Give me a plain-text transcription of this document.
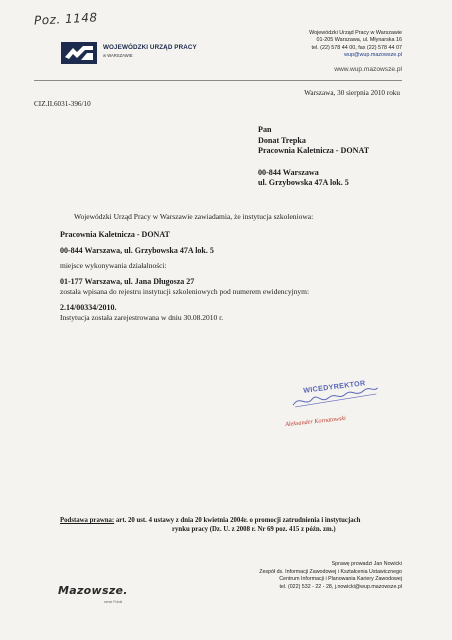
Poz. 1148
WOJEWÓDZKI URZĄD PRACY
w WARSZAWIE
Wojewódzki Urząd Pracy w Warszawie
01-205 Warszawa, ul. Młynarska 16
tel. (22) 578 44 00, fax (22) 578 44 07
wup@wup.mazowsze.pl
www.wup.mazowsze.pl
Warszawa, 30 sierpnia 2010 roku
CIZ.II.6031-396/10
Pan
Donat Trepka
Pracownia Kaletnicza - DONAT
00-844 Warszawa
ul. Grzybowska 47A lok. 5
Wojewódzki Urząd Pracy w Warszawie zawiadamia, że instytucja szkoleniowa:
Pracownia Kaletnicza - DONAT
00-844 Warszawa, ul. Grzybowska 47A lok. 5
miejsce wykonywania działalności:
01-177 Warszawa, ul. Jana Długosza 27
została wpisana do rejestru instytucji szkoleniowych pod numerem ewidencyjnym:
2.14/00334/2010.
Instytucja została zarejestrowana w dniu 30.08.2010 r.
WICEDYREKTOR
Aleksander Kornatowski
Podstawa prawna: art. 20 ust. 4 ustawy z dnia 20 kwietnia 2004r. o promocji zatrudnienia i instytucjach
rynku pracy (Dz. U. z 2008 r. Nr 69 poz. 415 z późn. zm.)
Mazowsze.
serce Polski
Sprawę prowadzi Jan Nowicki
Zespół ds. Informacji Zawodowej i Kształcenia Ustawicznego
Centrum Informacji i Planowania Kariery Zawodowej
tel. (022) 532 - 22 - 28, j.nowicki@wup.mazowsze.pl
